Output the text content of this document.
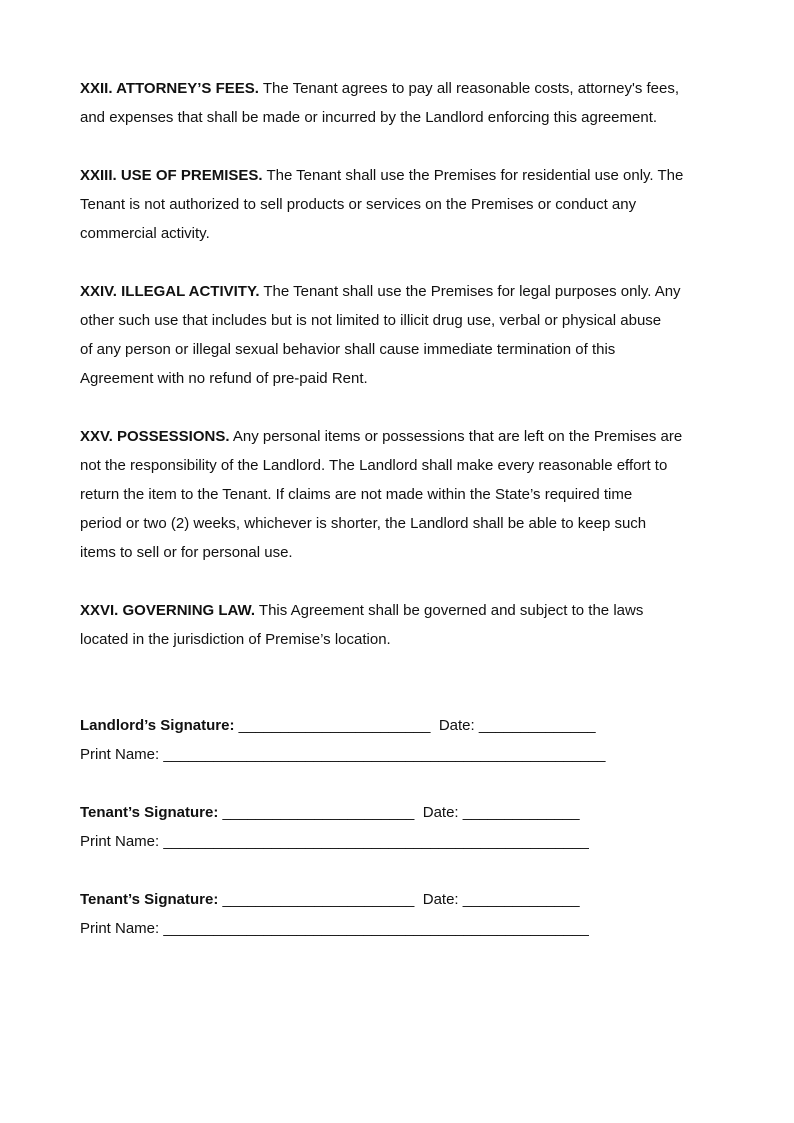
XXII. ATTORNEY’S FEES. The Tenant agrees to pay all reasonable costs, attorney's fees,
and expenses that shall be made or incurred by the Landlord enforcing this agreement.

XXIII. USE OF PREMISES. The Tenant shall use the Premises for residential use only. The
Tenant is not authorized to sell products or services on the Premises or conduct any
commercial activity.

XXIV. ILLEGAL ACTIVITY. The Tenant shall use the Premises for legal purposes only. Any
other such use that includes but is not limited to illicit drug use, verbal or physical abuse
of any person or illegal sexual behavior shall cause immediate termination of this
Agreement with no refund of pre-paid Rent.

XXV. POSSESSIONS. Any personal items or possessions that are left on the Premises are
not the responsibility of the Landlord. The Landlord shall make every reasonable effort to
return the item to the Tenant. If claims are not made within the State’s required time
period or two (2) weeks, whichever is shorter, the Landlord shall be able to keep such
items to sell or for personal use.

XXVI. GOVERNING LAW. This Agreement shall be governed and subject to the laws
located in the jurisdiction of Premise’s location.

Landlord’s Signature: _______________________  Date: ______________
Print Name: _____________________________________________________
Tenant’s Signature: _______________________  Date: ______________
Print Name: ___________________________________________________
Tenant’s Signature: _______________________  Date: ______________
Print Name: ___________________________________________________
